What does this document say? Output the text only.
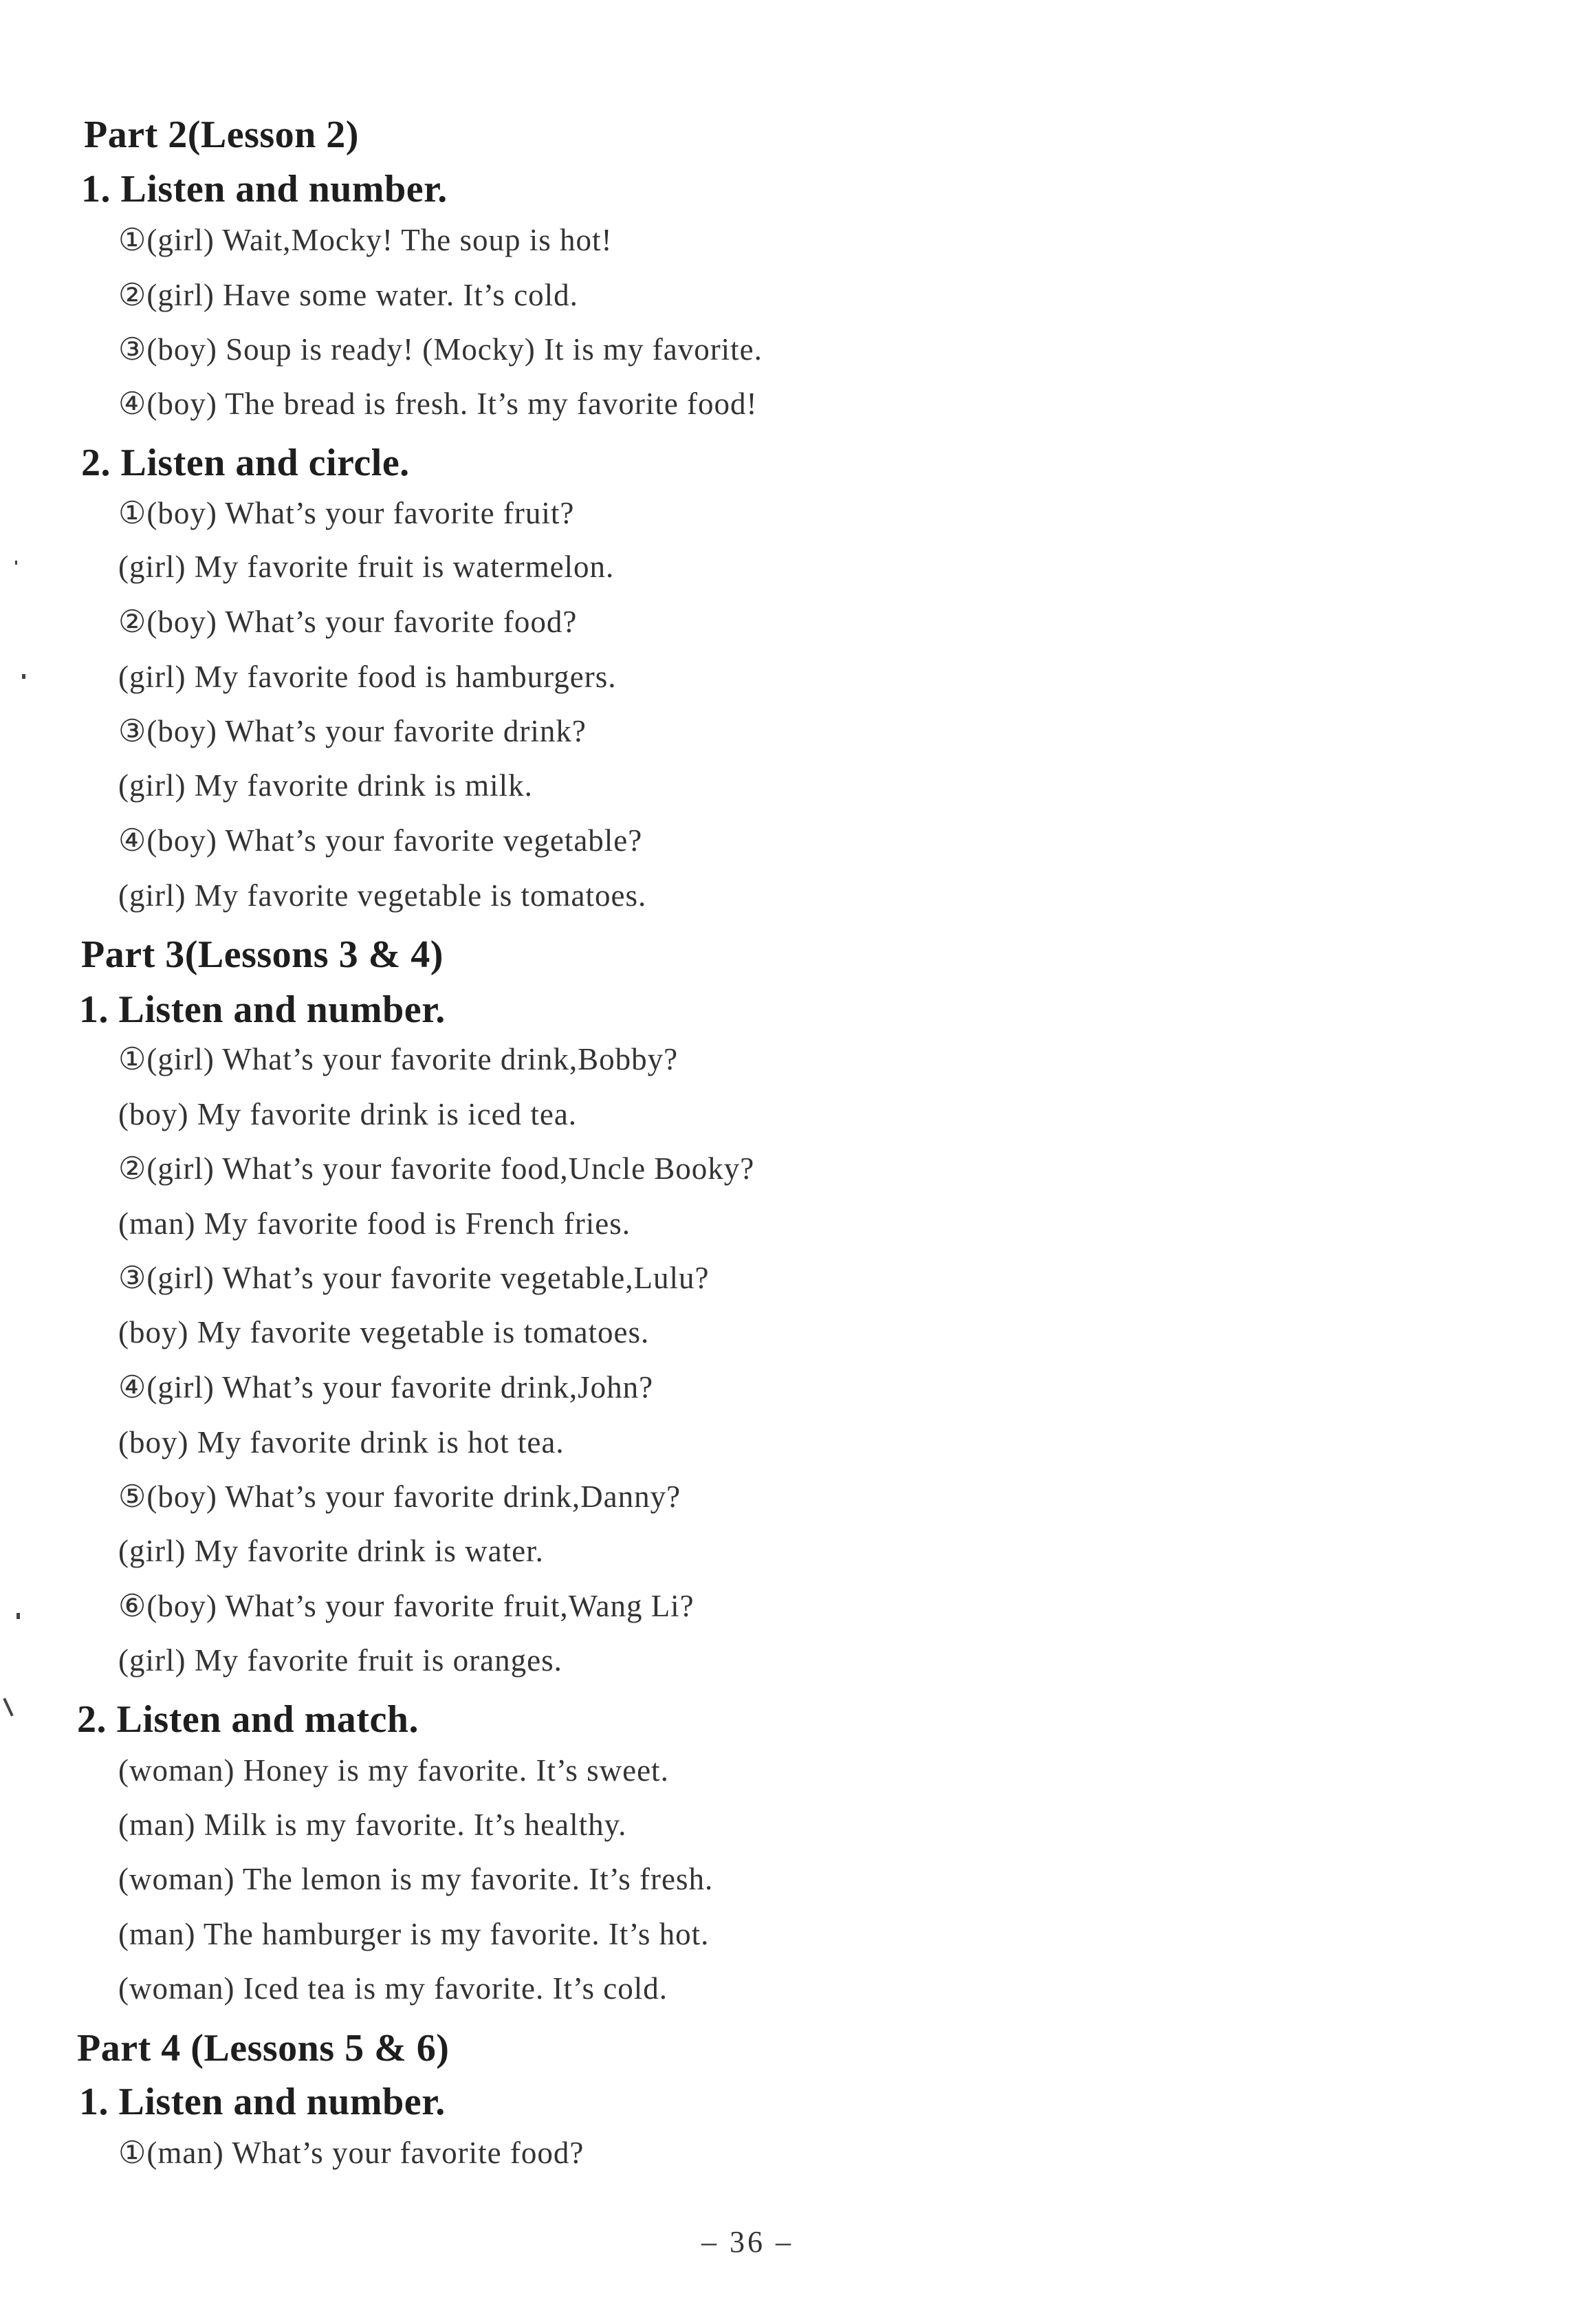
Part 2(Lesson 2)
1. Listen and number.
①(girl) Wait,Mocky! The soup is hot!
②(girl) Have some water. It’s cold.
③(boy) Soup is ready! (Mocky) It is my favorite.
④(boy) The bread is fresh. It’s my favorite food!
2. Listen and circle.
①(boy) What’s your favorite fruit?
(girl) My favorite fruit is watermelon.
②(boy) What’s your favorite food?
(girl) My favorite food is hamburgers.
③(boy) What’s your favorite drink?
(girl) My favorite drink is milk.
④(boy) What’s your favorite vegetable?
(girl) My favorite vegetable is tomatoes.
Part 3(Lessons 3 & 4)
1. Listen and number.
①(girl) What’s your favorite drink,Bobby?
(boy) My favorite drink is iced tea.
②(girl) What’s your favorite food,Uncle Booky?
(man) My favorite food is French fries.
③(girl) What’s your favorite vegetable,Lulu?
(boy) My favorite vegetable is tomatoes.
④(girl) What’s your favorite drink,John?
(boy) My favorite drink is hot tea.
⑤(boy) What’s your favorite drink,Danny?
(girl) My favorite drink is water.
⑥(boy) What’s your favorite fruit,Wang Li?
(girl) My favorite fruit is oranges.
2. Listen and match.
(woman) Honey is my favorite. It’s sweet.
(man) Milk is my favorite. It’s healthy.
(woman) The lemon is my favorite. It’s fresh.
(man) The hamburger is my favorite. It’s hot.
(woman) Iced tea is my favorite. It’s cold.
Part 4 (Lessons 5 & 6)
1. Listen and number.
①(man) What’s your favorite food?
– 36 –
